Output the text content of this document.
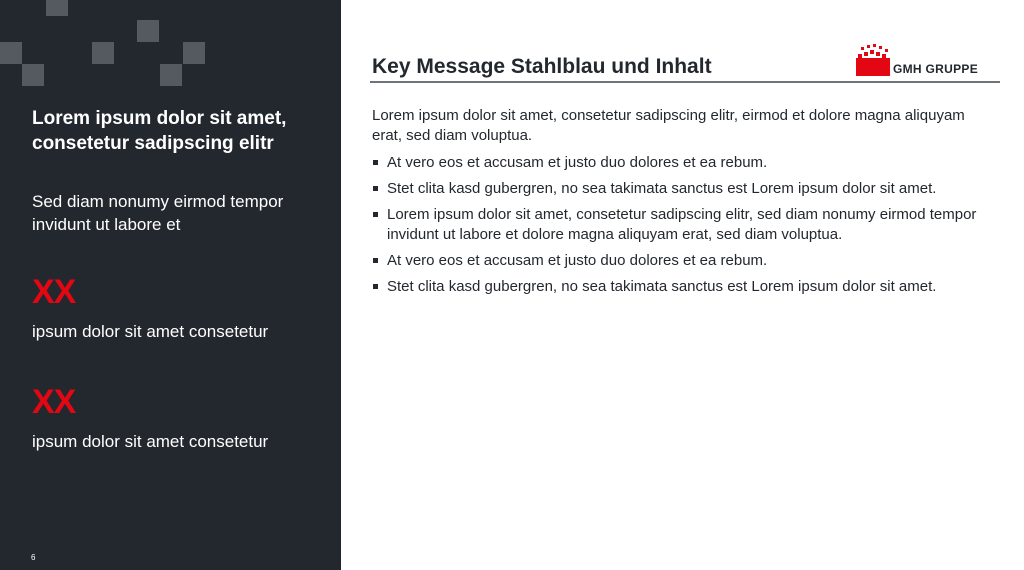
Lorem ipsum dolor sit amet, consetetur sadipscing elitr
Sed diam nonumy eirmod tempor invidunt ut labore et
XX
ipsum dolor sit amet consetetur
XX
ipsum dolor sit amet consetetur
6
Key Message Stahlblau und Inhalt	GMH GRUPPE

Lorem ipsum dolor sit amet, consetetur sadipscing elitr, eirmod et dolore magna aliquyam erat, sed diam voluptua.

At vero eos et accusam et justo duo dolores et ea rebum.
Stet clita kasd gubergren, no sea takimata sanctus est Lorem ipsum dolor sit amet.
Lorem ipsum dolor sit amet, consetetur sadipscing elitr, sed diam nonumy eirmod tempor invidunt ut labore et dolore magna aliquyam erat, sed diam voluptua.
At vero eos et accusam et justo duo dolores et ea rebum.
Stet clita kasd gubergren, no sea takimata sanctus est Lorem ipsum dolor sit amet.
